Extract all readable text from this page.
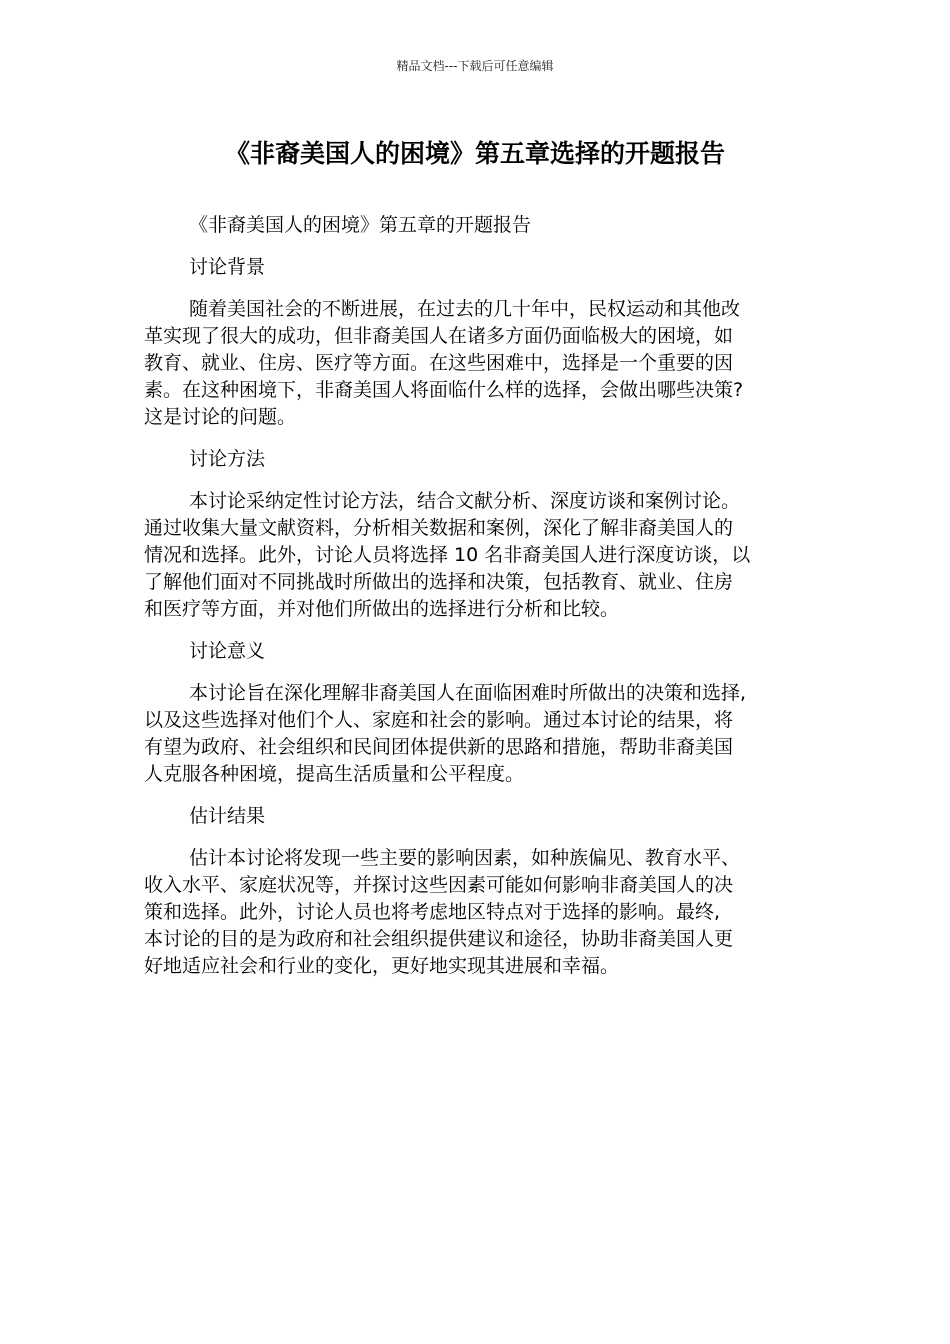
精品文档---下载后可任意编辑
《非裔美国人的困境》第五章选择的开题报告

《非裔美国人的困境》第五章的开题报告

讨论背景

随着美国社会的不断进展，在过去的几十年中，民权运动和其他改
革实现了很大的成功，但非裔美国人在诸多方面仍面临极大的困境，如
教育、就业、住房、医疗等方面。在这些困难中，选择是一个重要的因
素。在这种困境下，非裔美国人将面临什么样的选择，会做出哪些决策?
这是讨论的问题。

讨论方法

本讨论采纳定性讨论方法，结合文献分析、深度访谈和案例讨论。
通过收集大量文献资料，分析相关数据和案例，深化了解非裔美国人的
情况和选择。此外，讨论人员将选择 10 名非裔美国人进行深度访谈，以
了解他们面对不同挑战时所做出的选择和决策，包括教育、就业、住房
和医疗等方面，并对他们所做出的选择进行分析和比较。

讨论意义

本讨论旨在深化理解非裔美国人在面临困难时所做出的决策和选择,
以及这些选择对他们个人、家庭和社会的影响。通过本讨论的结果，将
有望为政府、社会组织和民间团体提供新的思路和措施，帮助非裔美国
人克服各种困境，提高生活质量和公平程度。

估计结果

估计本讨论将发现一些主要的影响因素，如种族偏见、教育水平、
收入水平、家庭状况等，并探讨这些因素可能如何影响非裔美国人的决
策和选择。此外，讨论人员也将考虑地区特点对于选择的影响。最终,
本讨论的目的是为政府和社会组织提供建议和途径，协助非裔美国人更
好地适应社会和行业的变化，更好地实现其进展和幸福。
